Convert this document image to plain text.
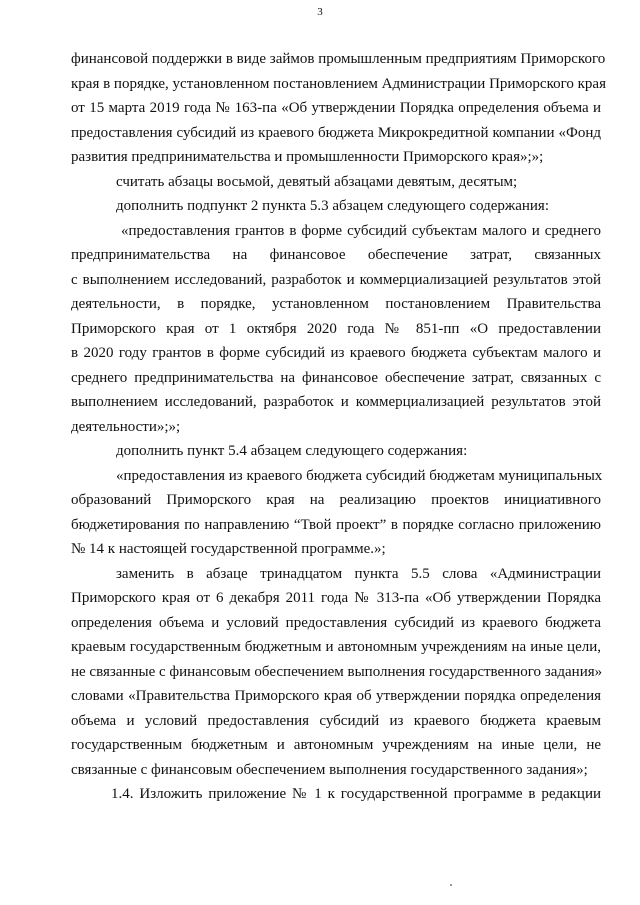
3
финансовой поддержки в виде займов промышленным предприятиям Приморского
края в порядке, установленном постановлением Администрации Приморского края
от 15 марта 2019 года № 163-па «Об утверждении Порядка определения объема и
предоставления субсидий из краевого бюджета Микрокредитной компании «Фонд
развития предпринимательства и промышленности Приморского края»;»;
считать абзацы восьмой, девятый абзацами девятым, десятым;
дополнить подпункт 2 пункта 5.3 абзацем следующего содержания:
«предоставления грантов в форме субсидий субъектам малого и среднего
предпринимательства на финансовое обеспечение затрат, связанных
с выполнением исследований, разработок и коммерциализацией результатов этой
деятельности, в порядке, установленном постановлением Правительства
Приморского края от 1 октября 2020 года № 851-пп «О предоставлении
в 2020 году грантов в форме субсидий из краевого бюджета субъектам малого и
среднего предпринимательства на финансовое обеспечение затрат, связанных с
выполнением исследований, разработок и коммерциализацией результатов этой
деятельности»;»;
дополнить пункт 5.4 абзацем следующего содержания:
«предоставления из краевого бюджета субсидий бюджетам муниципальных
образований Приморского края на реализацию проектов инициативного
бюджетирования по направлению “Твой проект” в порядке согласно приложению
№ 14 к настоящей государственной программе.»;
заменить в абзаце тринадцатом пункта 5.5 слова «Администрации
Приморского края от 6 декабря 2011 года № 313-па «Об утверждении Порядка
определения объема и условий предоставления субсидий из краевого бюджета
краевым государственным бюджетным и автономным учреждениям на иные цели,
не связанные с финансовым обеспечением выполнения государственного задания»
словами «Правительства Приморского края об утверждении порядка определения
объема и условий предоставления субсидий из краевого бюджета краевым
государственным бюджетным и автономным учреждениям на иные цели, не
связанные с финансовым обеспечением выполнения государственного задания»;
1.4. Изложить приложение № 1 к государственной программе в редакции
